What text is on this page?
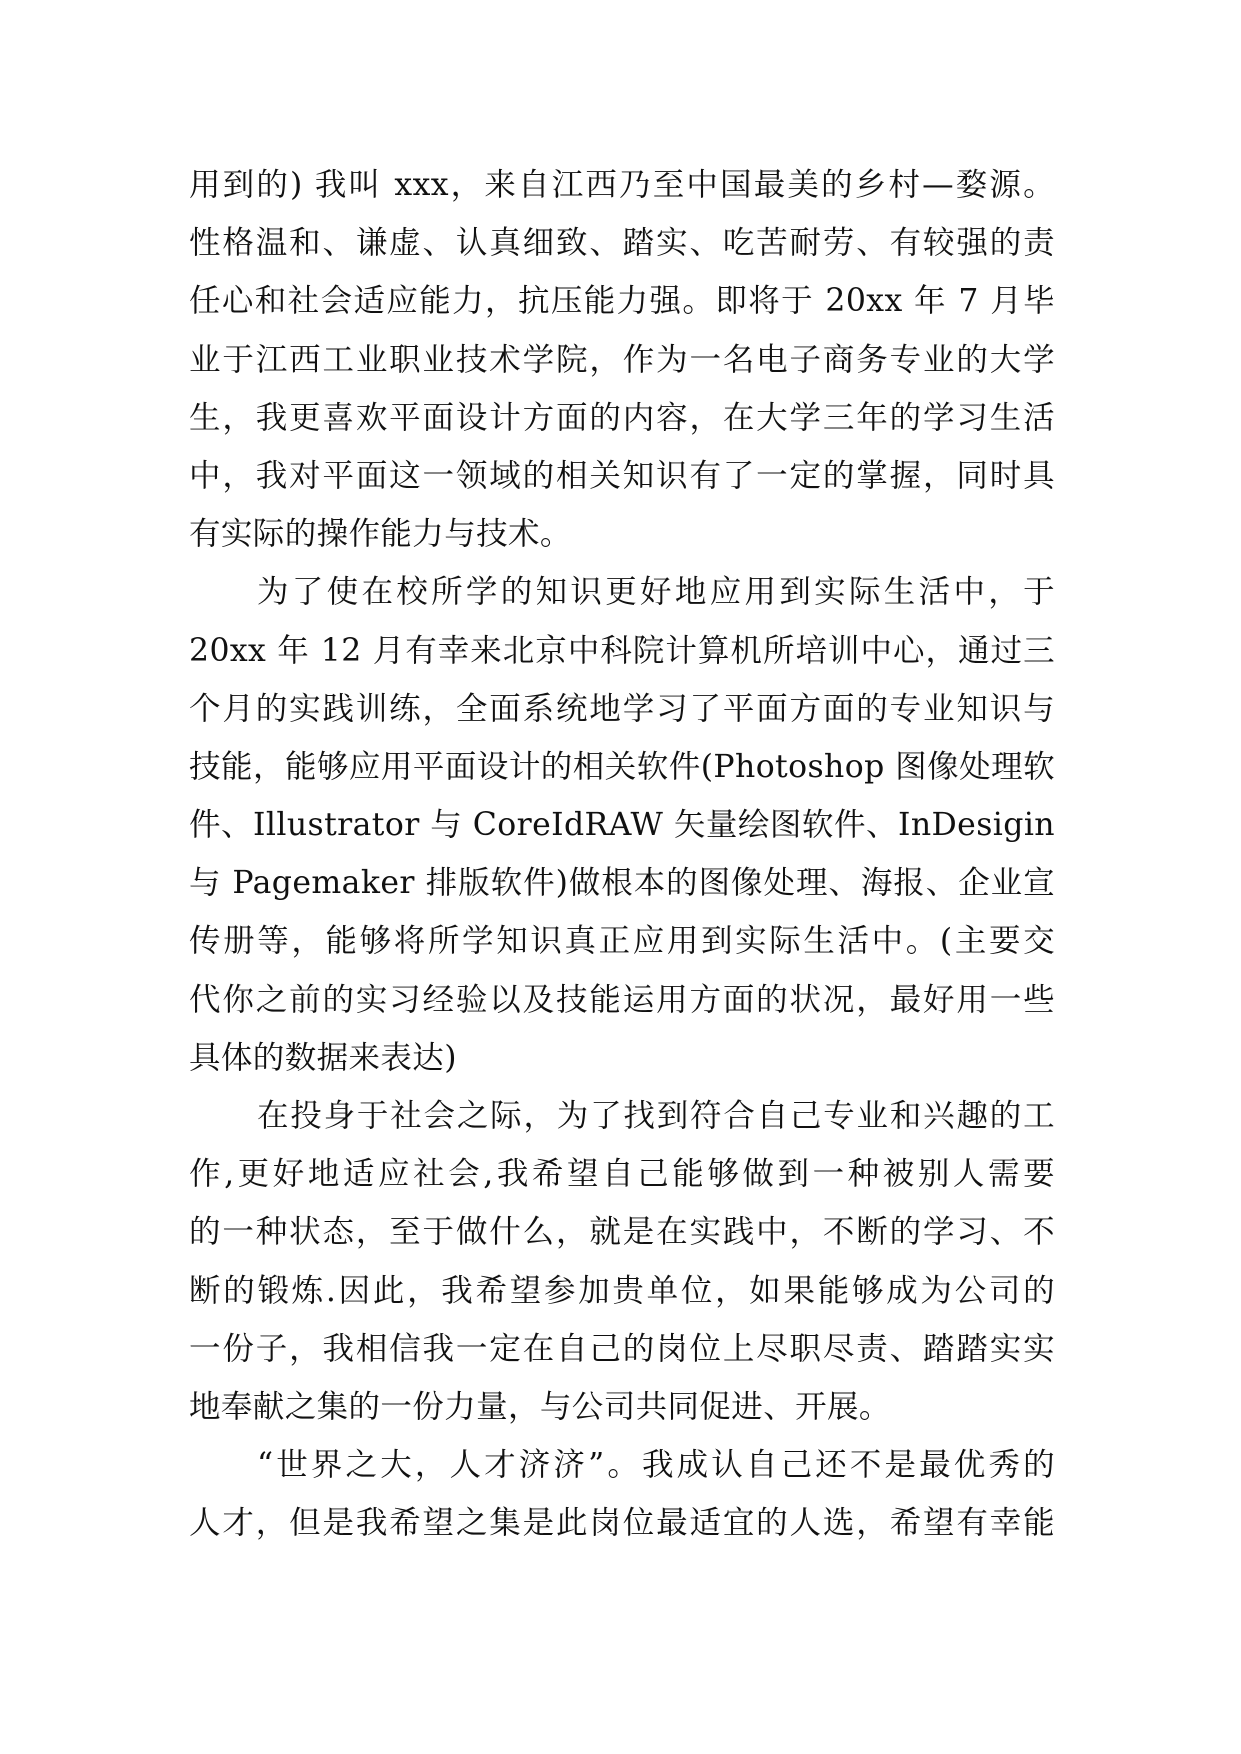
用到的) 我叫 xxx，来自江西乃至中国最美的乡村—婺源。
性格温和、谦虚、认真细致、踏实、吃苦耐劳、有较强的责
任心和社会适应能力，抗压能力强。即将于 20xx 年 7 月毕
业于江西工业职业技术学院，作为一名电子商务专业的大学
生，我更喜欢平面设计方面的内容，在大学三年的学习生活
中，我对平面这一领域的相关知识有了一定的掌握，同时具
有实际的操作能力与技术。
为了使在校所学的知识更好地应用到实际生活中，于
20xx 年 12 月有幸来北京中科院计算机所培训中心，通过三
个月的实践训练，全面系统地学习了平面方面的专业知识与
技能，能够应用平面设计的相关软件(Photoshop 图像处理软
件、Illustrator 与 CoreIdRAW 矢量绘图软件、InDesigin
与 Pagemaker 排版软件)做根本的图像处理、海报、企业宣
传册等，能够将所学知识真正应用到实际生活中。(主要交
代你之前的实习经验以及技能运用方面的状况，最好用一些
具体的数据来表达)
在投身于社会之际，为了找到符合自己专业和兴趣的工
作,更好地适应社会,我希望自己能够做到一种被别人需要
的一种状态，至于做什么，就是在实践中，不断的学习、不
断的锻炼.因此，我希望参加贵单位，如果能够成为公司的
一份子，我相信我一定在自己的岗位上尽职尽责、踏踏实实
地奉献之集的一份力量，与公司共同促进、开展。
“世界之大，人才济济”。我成认自己还不是最优秀的
人才，但是我希望之集是此岗位最适宜的人选，希望有幸能
